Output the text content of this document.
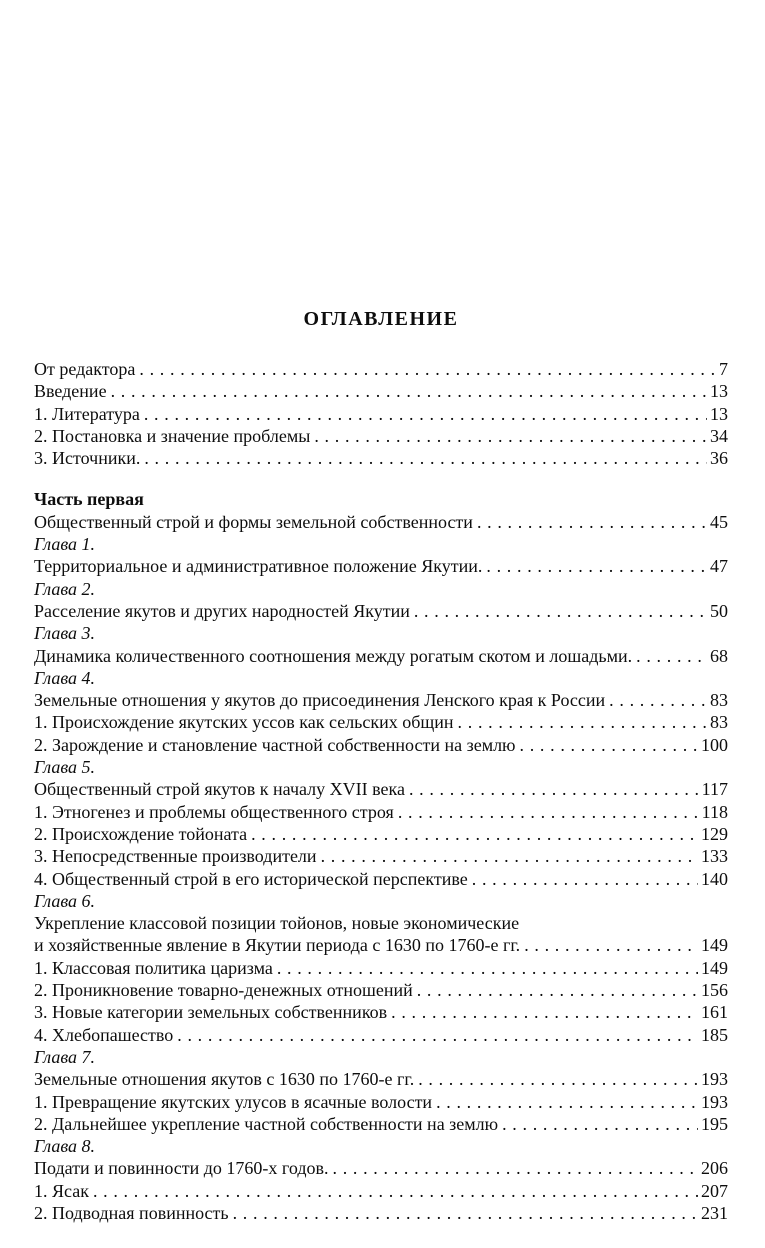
ОГЛАВЛЕНИЕ
От редактора . . .	7
Введение . . .	13
1. Литература . . .	13
2. Постановка и значение проблемы . . .	34
3. Источники. . . .	36
Часть первая
Общественный строй и формы земельной собственности . . .	45
Глава 1.
Территориальное и административное положение Якутии. . . .	47
Глава 2.
Расселение якутов и других народностей Якутии . . .	50
Глава 3.
Динамика количественного соотношения между рогатым скотом и лошадьми. . . .	68
Глава 4.
Земельные отношения у якутов до присоединения Ленского края к России . . .	83
1. Происхождение якутских уссов как сельских общин . . .	83
2. Зарождение и становление частной собственности на землю . . .	100
Глава 5.
Общественный строй якутов к началу XVII века . . .	117
1. Этногенез и проблемы общественного строя . . .	118
2. Происхождение тойоната . . .	129
3. Непосредственные производители . . .	133
4. Общественный строй в его исторической перспективе . . .	140
Глава 6.
Укрепление классовой позиции тойонов, новые экономические
и хозяйственные явление в Якутии периода с 1630 по 1760-е гг. . . .	149
1. Классовая политика царизма . . .	149
2. Проникновение товарно-денежных отношений . . .	156
3. Новые категории земельных собственников . . .	161
4. Хлебопашество . . .	185
Глава 7.
Земельные отношения якутов с 1630 по 1760-е гг. . . .	193
1. Превращение якутских улусов в ясачные волости . . .	193
2. Дальнейшее укрепление частной собственности на землю . . .	195
Глава 8.
Подати и повинности до 1760-х годов. . . .	206
1. Ясак . . .	207
2. Подводная повинность . . .	231
